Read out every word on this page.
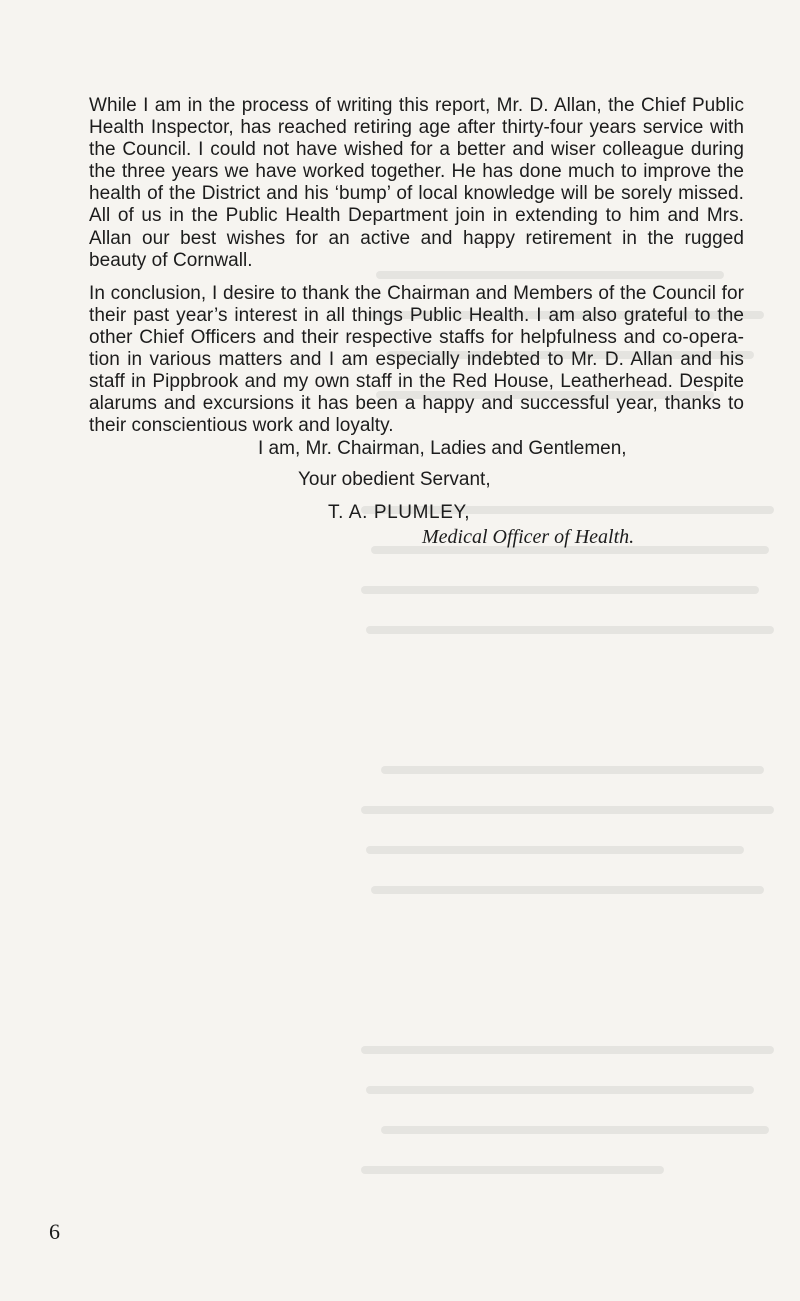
While I am in the process of writing this report, Mr. D. Allan, the Chief Public Health Inspector, has reached retiring age after thirty-four years service with the Council. I could not have wished for a better and wiser colleague during the three years we have worked together. He has done much to improve the health of the District and his ‘bump’ of local knowledge will be sorely missed. All of us in the Public Health Department join in extending to him and Mrs. Allan our best wishes for an active and happy retirement in the rugged beauty of Cornwall.

In conclusion, I desire to thank the Chairman and Members of the Council for their past year’s interest in all things Public Health. I am also grateful to the other Chief Officers and their respective staffs for helpfulness and co-opera- tion in various matters and I am especially indebted to Mr. D. Allan and his staff in Pippbrook and my own staff in the Red House, Leatherhead. Despite alarums and excursions it has been a happy and successful year, thanks to their conscientious work and loyalty.

I am, Mr. Chairman, Ladies and Gentlemen,
Your obedient Servant,
T. A. PLUMLEY,
Medical Officer of Health.
6
